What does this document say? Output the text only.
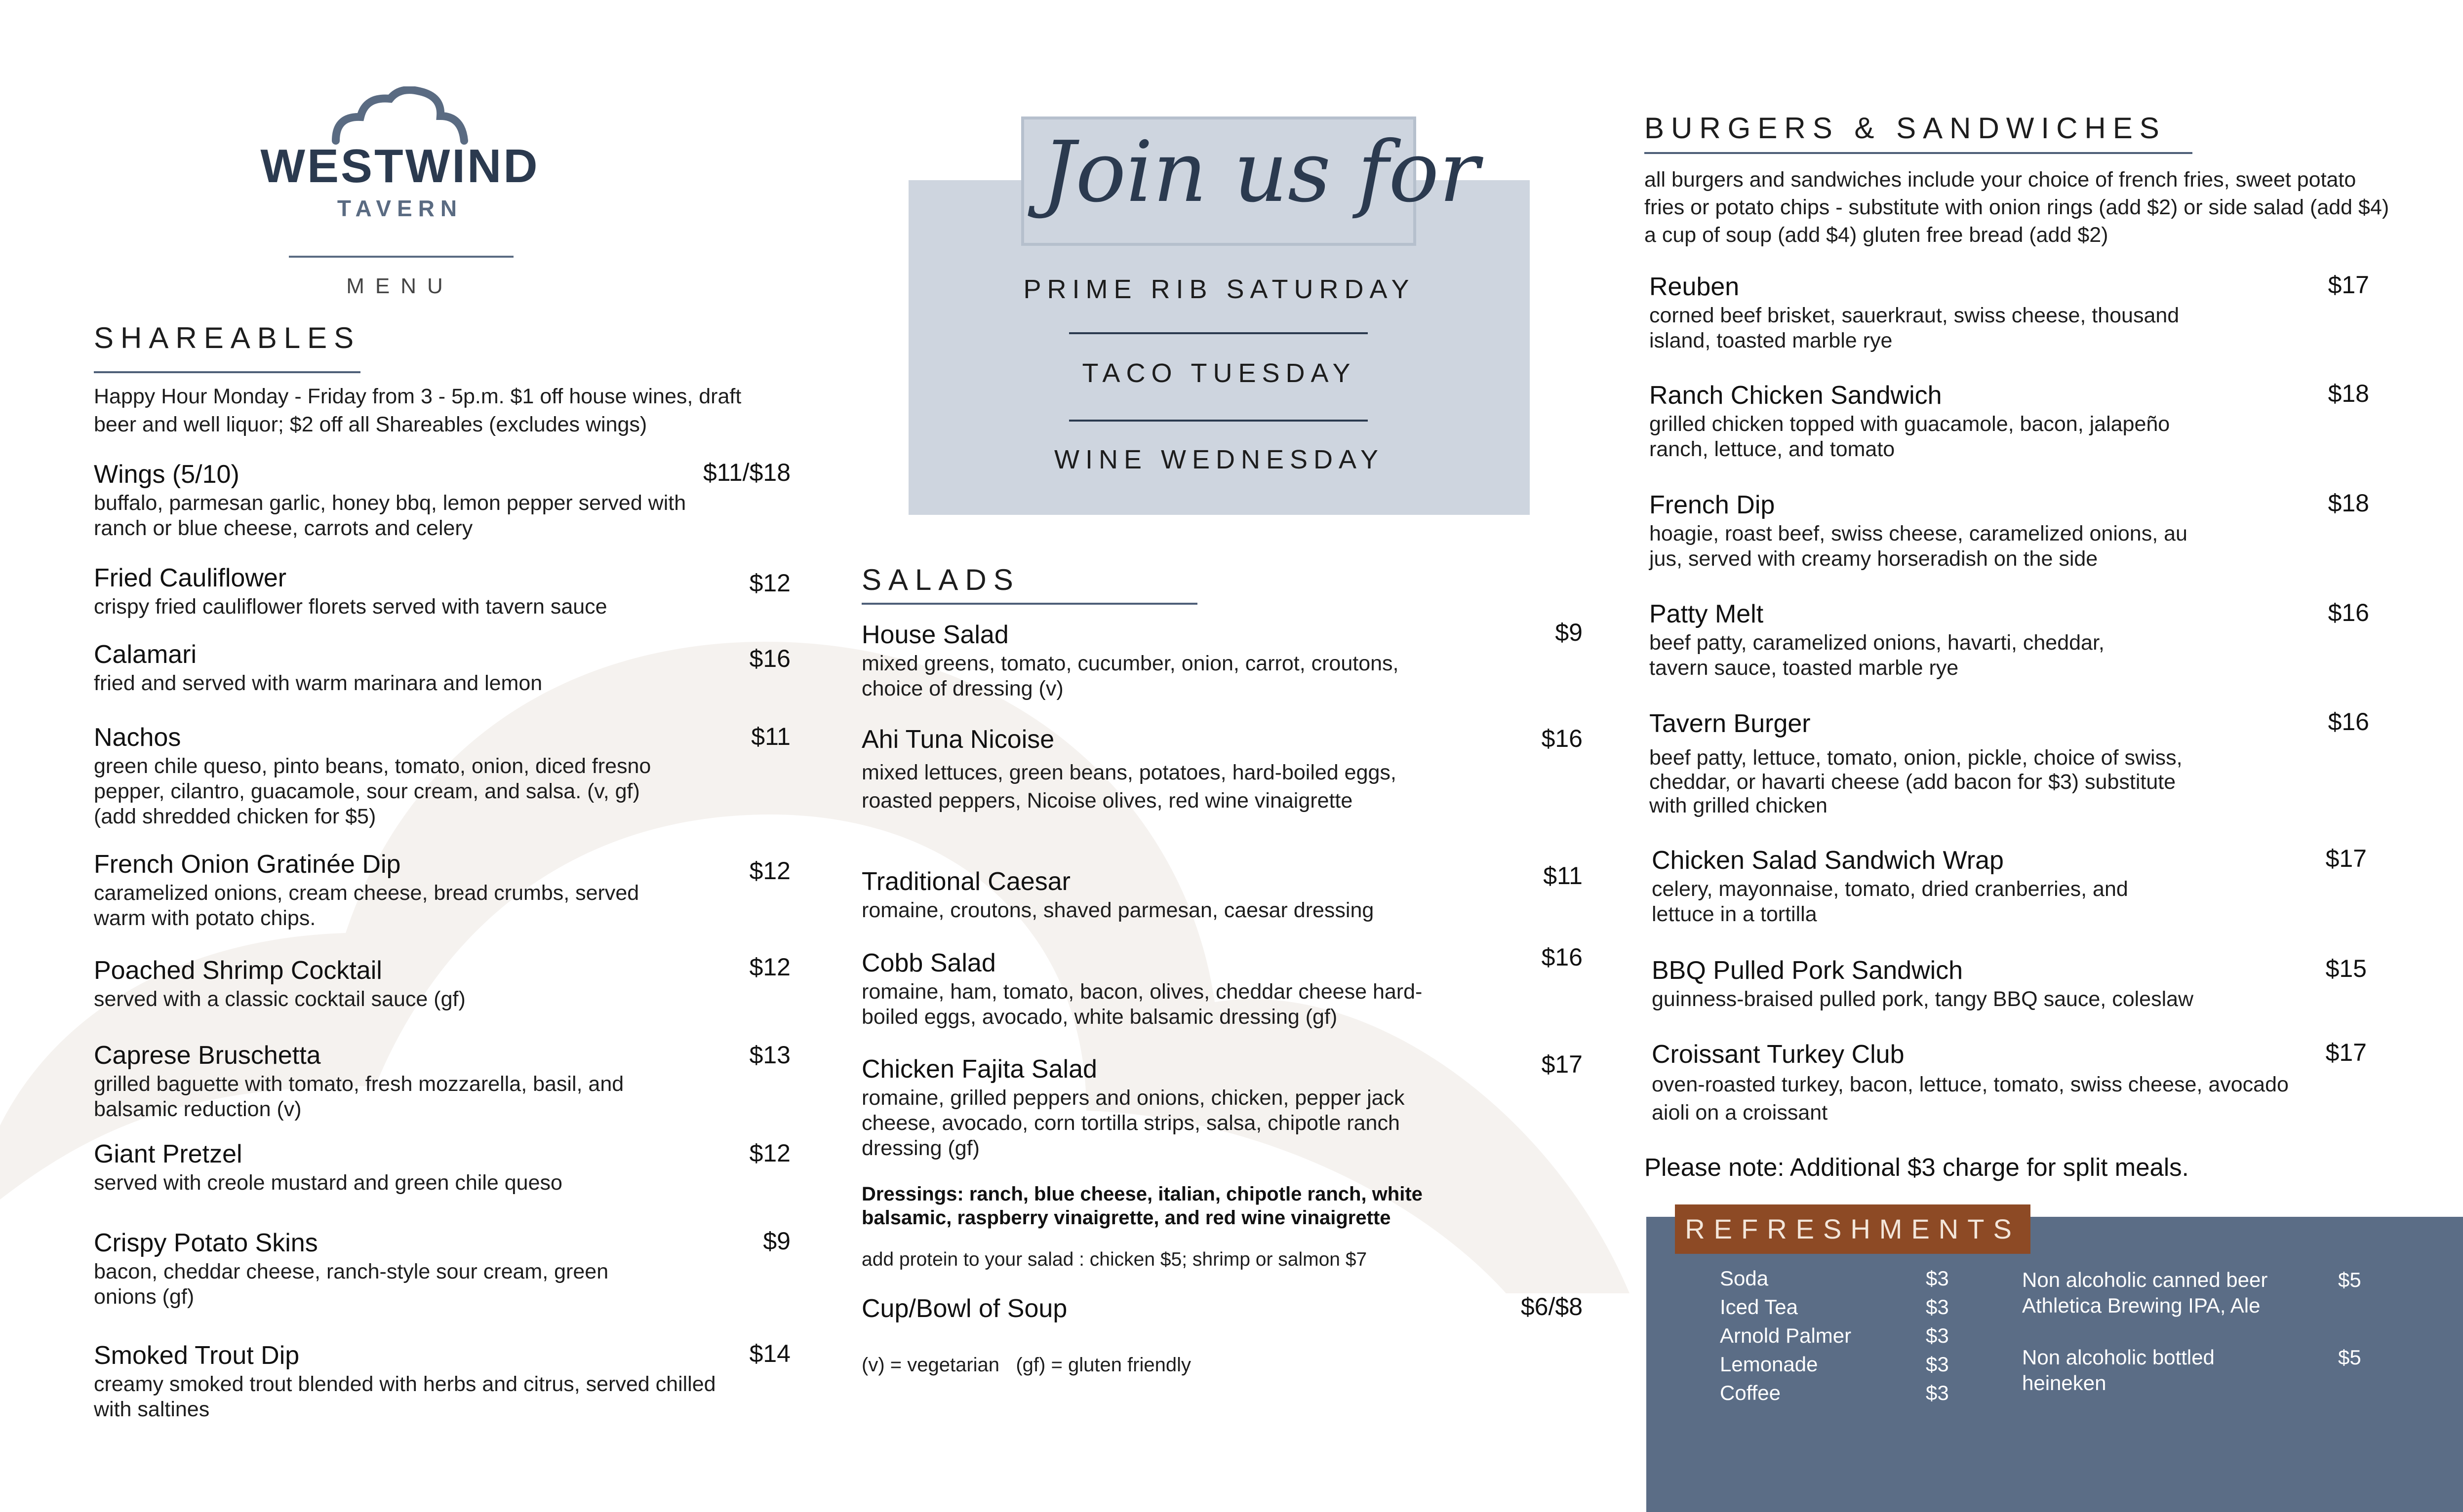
WESTWIND
TAVERN
MENU
SHAREABLES
Happy Hour Monday - Friday from 3 - 5p.m. $1 off house wines, draft beer and well liquor; $2 off all Shareables (excludes wings)
Wings (5/10)
buffalo, parmesan garlic, honey bbq, lemon pepper served with ranch or blue cheese, carrots and celery
$11/$18
Fried Cauliflower
crispy fried cauliflower florets served with tavern sauce
$12
Calamari
fried and served with warm marinara and lemon
$16
Nachos
green chile queso, pinto beans, tomato, onion, diced fresno pepper, cilantro, guacamole, sour cream, and salsa. (v, gf) (add shredded chicken for $5)
$11
French Onion Gratinée Dip
caramelized onions, cream cheese, bread crumbs, served warm with potato chips.
$12
Poached Shrimp Cocktail
served with a classic cocktail sauce (gf)
$12
Caprese Bruschetta
grilled baguette with tomato, fresh mozzarella, basil, and balsamic reduction (v)
$13
Giant Pretzel
served with creole mustard and green chile queso
$12
Crispy Potato Skins
bacon, cheddar cheese, ranch-style sour cream, green onions (gf)
$9
Smoked Trout Dip
creamy smoked trout blended with herbs and citrus, served chilled with saltines
$14
Join us for
PRIME RIB SATURDAY
TACO TUESDAY
WINE WEDNESDAY
SALADS
House Salad
mixed greens, tomato, cucumber, onion, carrot, croutons, choice of dressing (v)
$9
Ahi Tuna Nicoise
mixed lettuces, green beans, potatoes, hard-boiled eggs, roasted peppers, Nicoise olives, red wine vinaigrette
$16
Traditional Caesar
romaine, croutons, shaved parmesan, caesar dressing
$11
Cobb Salad
romaine, ham, tomato, bacon, olives, cheddar cheese hard-boiled eggs, avocado, white balsamic dressing (gf)
$16
Chicken Fajita Salad
romaine, grilled peppers and onions, chicken, pepper jack cheese, avocado, corn tortilla strips, salsa, chipotle ranch dressing (gf)
$17
Dressings: ranch, blue cheese, italian, chipotle ranch, white balsamic, raspberry vinaigrette, and red wine vinaigrette
add protein to your salad : chicken $5; shrimp or salmon $7
Cup/Bowl of Soup	$6/$8
(v) = vegetarian   (gf) = gluten friendly
BURGERS & SANDWICHES
all burgers and sandwiches include your choice of french fries, sweet potato fries or potato chips - substitute with onion rings (add $2) or side salad (add $4) a cup of soup (add $4) gluten free bread (add $2)
Reuben
corned beef brisket, sauerkraut, swiss cheese, thousand island, toasted marble rye
$17
Ranch Chicken Sandwich
grilled chicken topped with guacamole, bacon, jalapeño ranch, lettuce, and tomato
$18
French Dip
hoagie, roast beef, swiss cheese, caramelized onions, au jus, served with creamy horseradish on the side
$18
Patty Melt
beef patty, caramelized onions, havarti, cheddar, tavern sauce, toasted marble rye
$16
Tavern Burger
beef patty, lettuce, tomato, onion, pickle, choice of swiss, cheddar, or havarti cheese (add bacon for $3) substitute with grilled chicken
$16
Chicken Salad Sandwich Wrap
celery, mayonnaise, tomato, dried cranberries, and lettuce in a tortilla
$17
BBQ Pulled Pork Sandwich
guinness-braised pulled pork, tangy BBQ sauce, coleslaw
$15
Croissant Turkey Club
oven-roasted turkey, bacon, lettuce, tomato, swiss cheese, avocado aioli on a croissant
$17
Please note: Additional $3 charge for split meals.
REFRESHMENTS
Soda	$3
Iced Tea	$3
Arnold Palmer	$3
Lemonade	$3
Coffee	$3
Non alcoholic canned beer
Athletica Brewing IPA, Ale
$5
Non alcoholic bottled
heineken
$5
